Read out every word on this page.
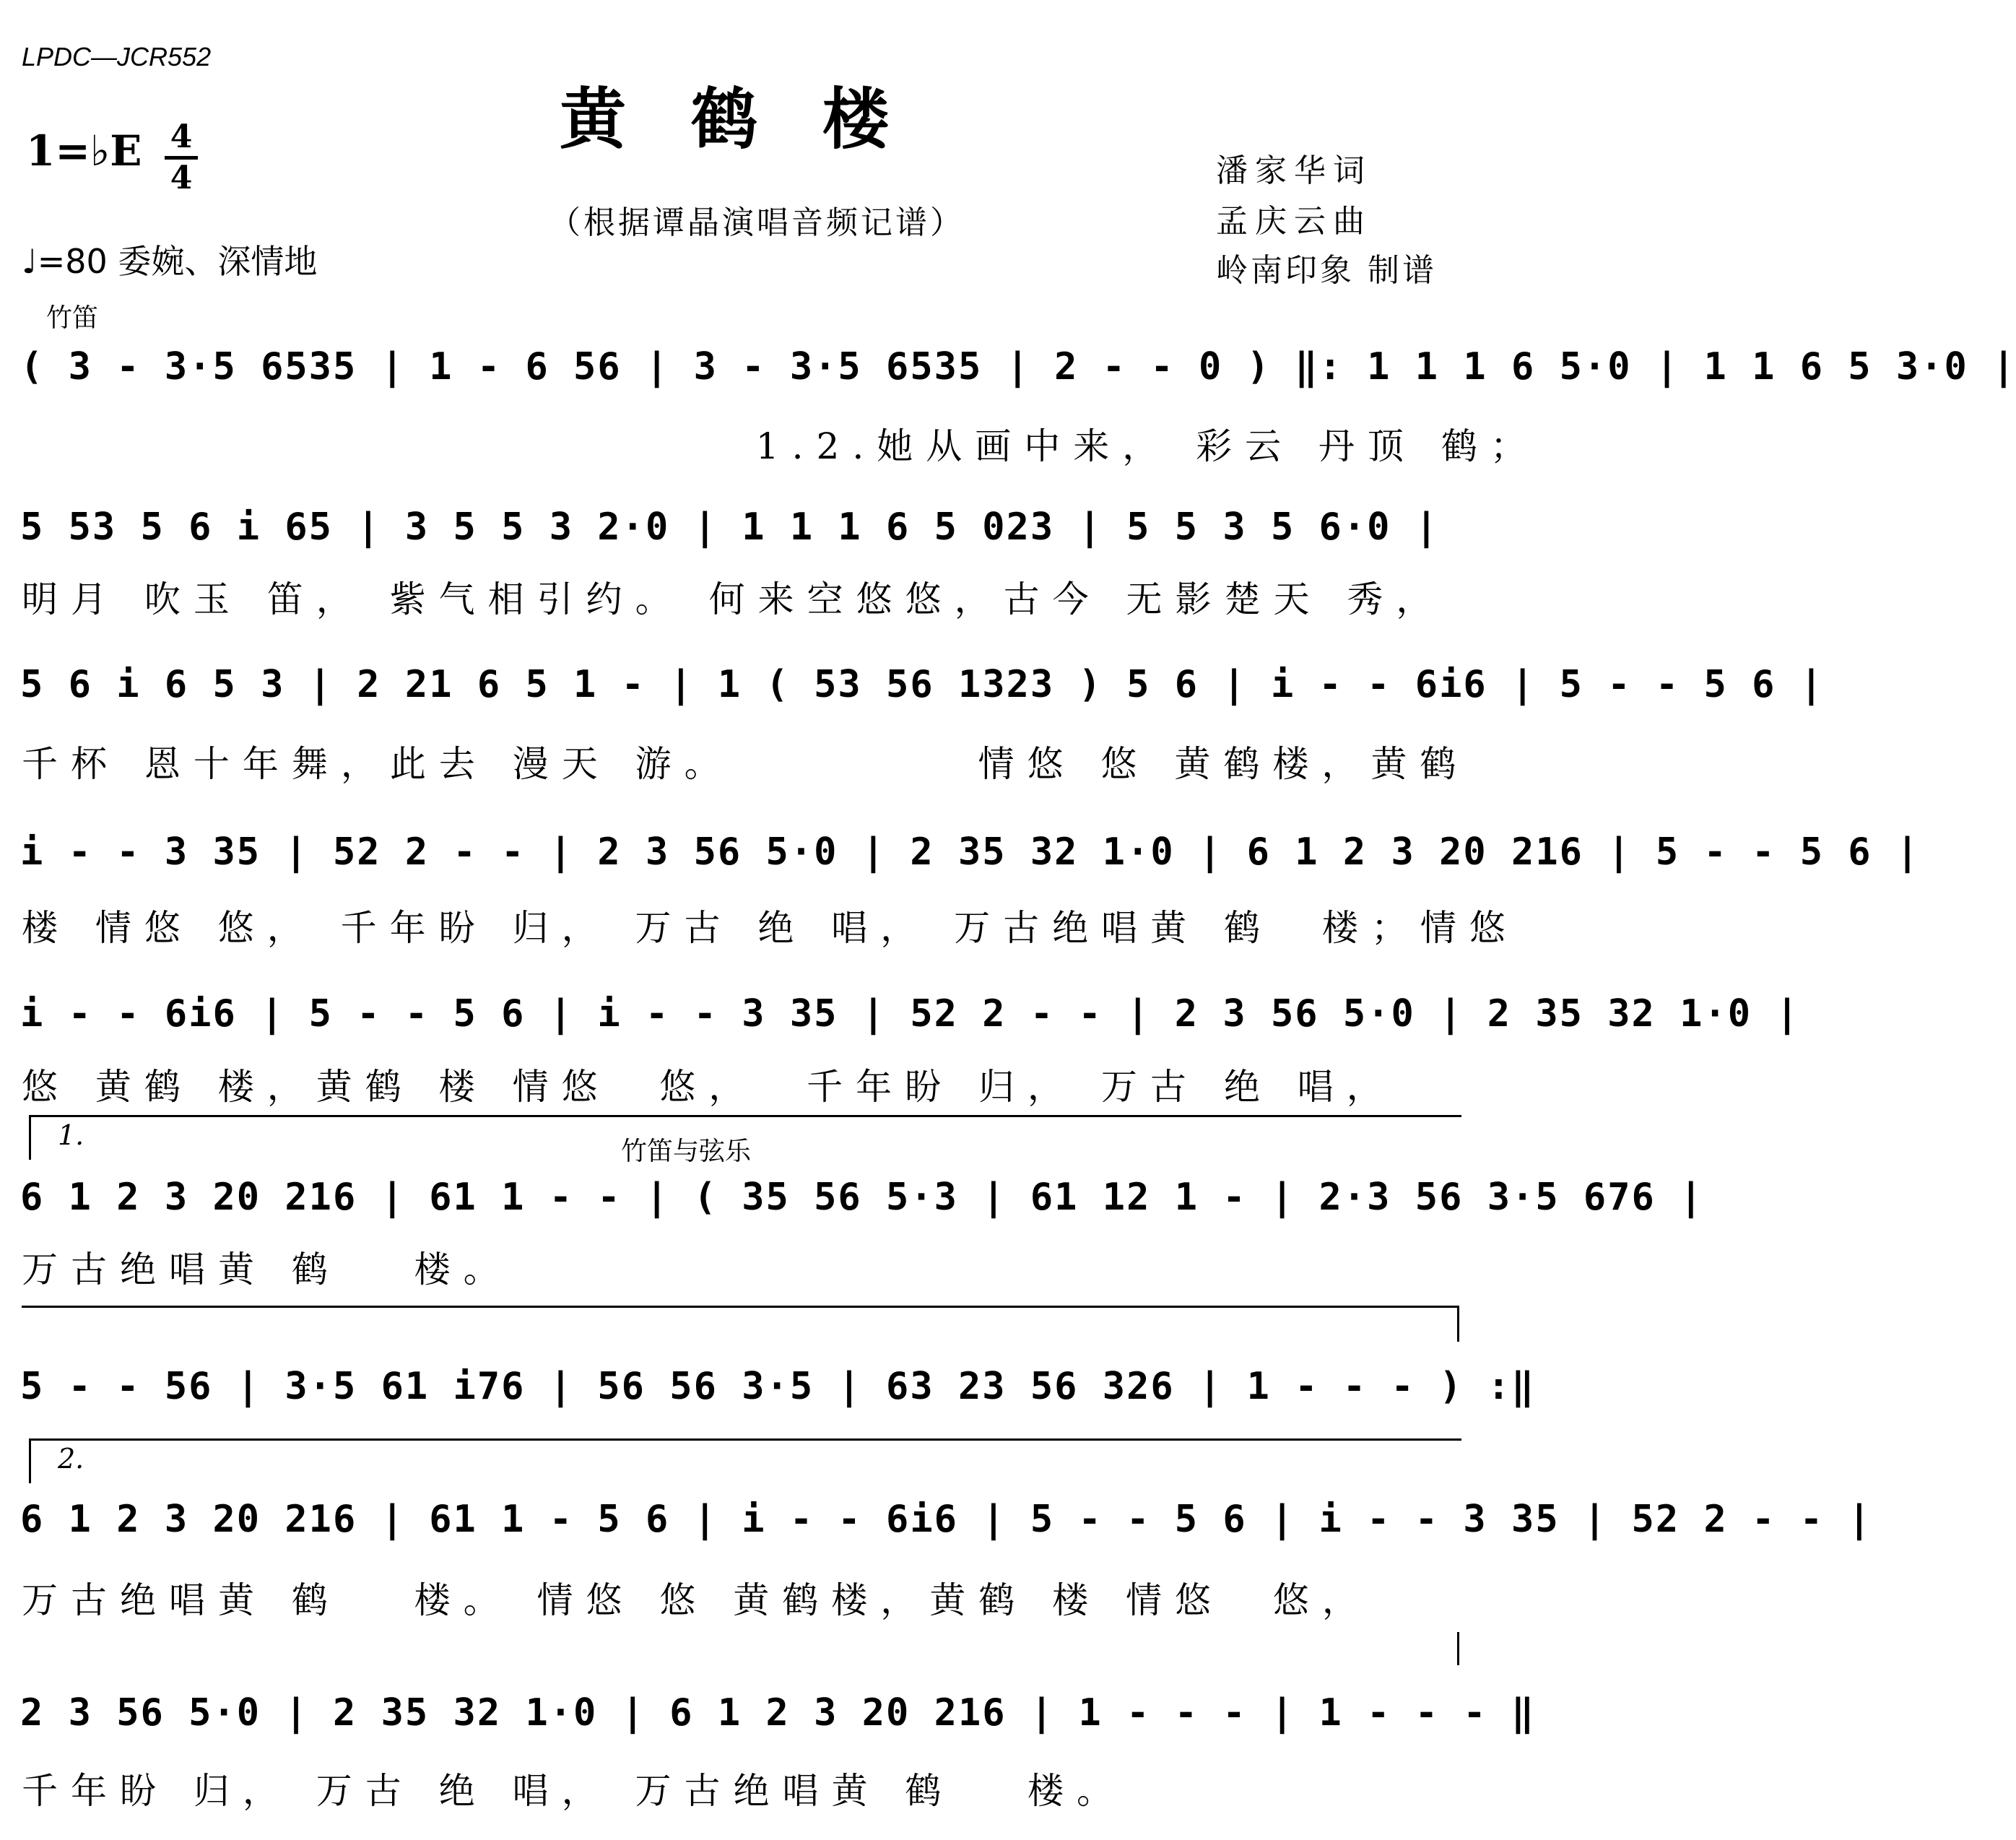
LPDC—JCR552
黄鹤楼
1=♭E 4
4
（根据谭晶演唱音频记谱）
潘家华词
孟庆云曲
岭南印象 制谱
♩=80 委婉、深情地
竹笛
( 3 - 3·5 6535 | 1 - 6 56 | 3 - 3·5 6535 | 2 - - 0 ) ‖: 1 1 1 6 5·0 | 1 1 6 5 3·0 |
1.2.她从画中来， 彩云 丹顶 鹤；
5 53 5 6 i 65 | 3 5 5 3 2·0 | 1 1 1 6 5 023 | 5 5 3 5 6·0 |
明月 吹玉 笛， 紫气相引约。 何来空悠悠，古今 无影楚天 秀，
5 6 i 6 5 3 | 2 21 6 5 1 - | 1 ( 53 56 1323 ) 5 6 | i - - 6i6 | 5 - - 5 6 |
千杯 恩十年舞，此去 漫天 游。          情悠 悠 黄鹤楼，黄鹤
i - - 3 35 | 52 2 - - | 2 3 56 5·0 | 2 35 32 1·0 | 6 1 2 3 20 216 | 5 - - 5 6 |
楼 情悠 悠， 千年盼 归， 万古 绝 唱， 万古绝唱黄 鹤  楼；情悠
i - - 6i6 | 5 - - 5 6 | i - - 3 35 | 52 2 - - | 2 3 56 5·0 | 2 35 32 1·0 |
悠 黄鹤 楼，黄鹤 楼 情悠  悠，  千年盼 归， 万古 绝 唱，
1.
竹笛与弦乐
6 1 2 3 20 216 | 61 1 - - | ( 35 56 5·3 | 61 12 1 - | 2·3 56 3·5 676 |
万古绝唱黄 鹤   楼。
5 - - 56 | 3·5 61 i76 | 56 56 3·5 | 63 23 56 326 | 1 - - - ) :‖
2.
6 1 2 3 20 216 | 61 1 - 5 6 | i - - 6i6 | 5 - - 5 6 | i - - 3 35 | 52 2 - - |
万古绝唱黄 鹤   楼。 情悠 悠 黄鹤楼，黄鹤 楼 情悠  悠，
2 3 56 5·0 | 2 35 32 1·0 | 6 1 2 3 20 216 | 1 - - - | 1 - - - ‖
千年盼 归， 万古 绝 唱， 万古绝唱黄 鹤   楼。
